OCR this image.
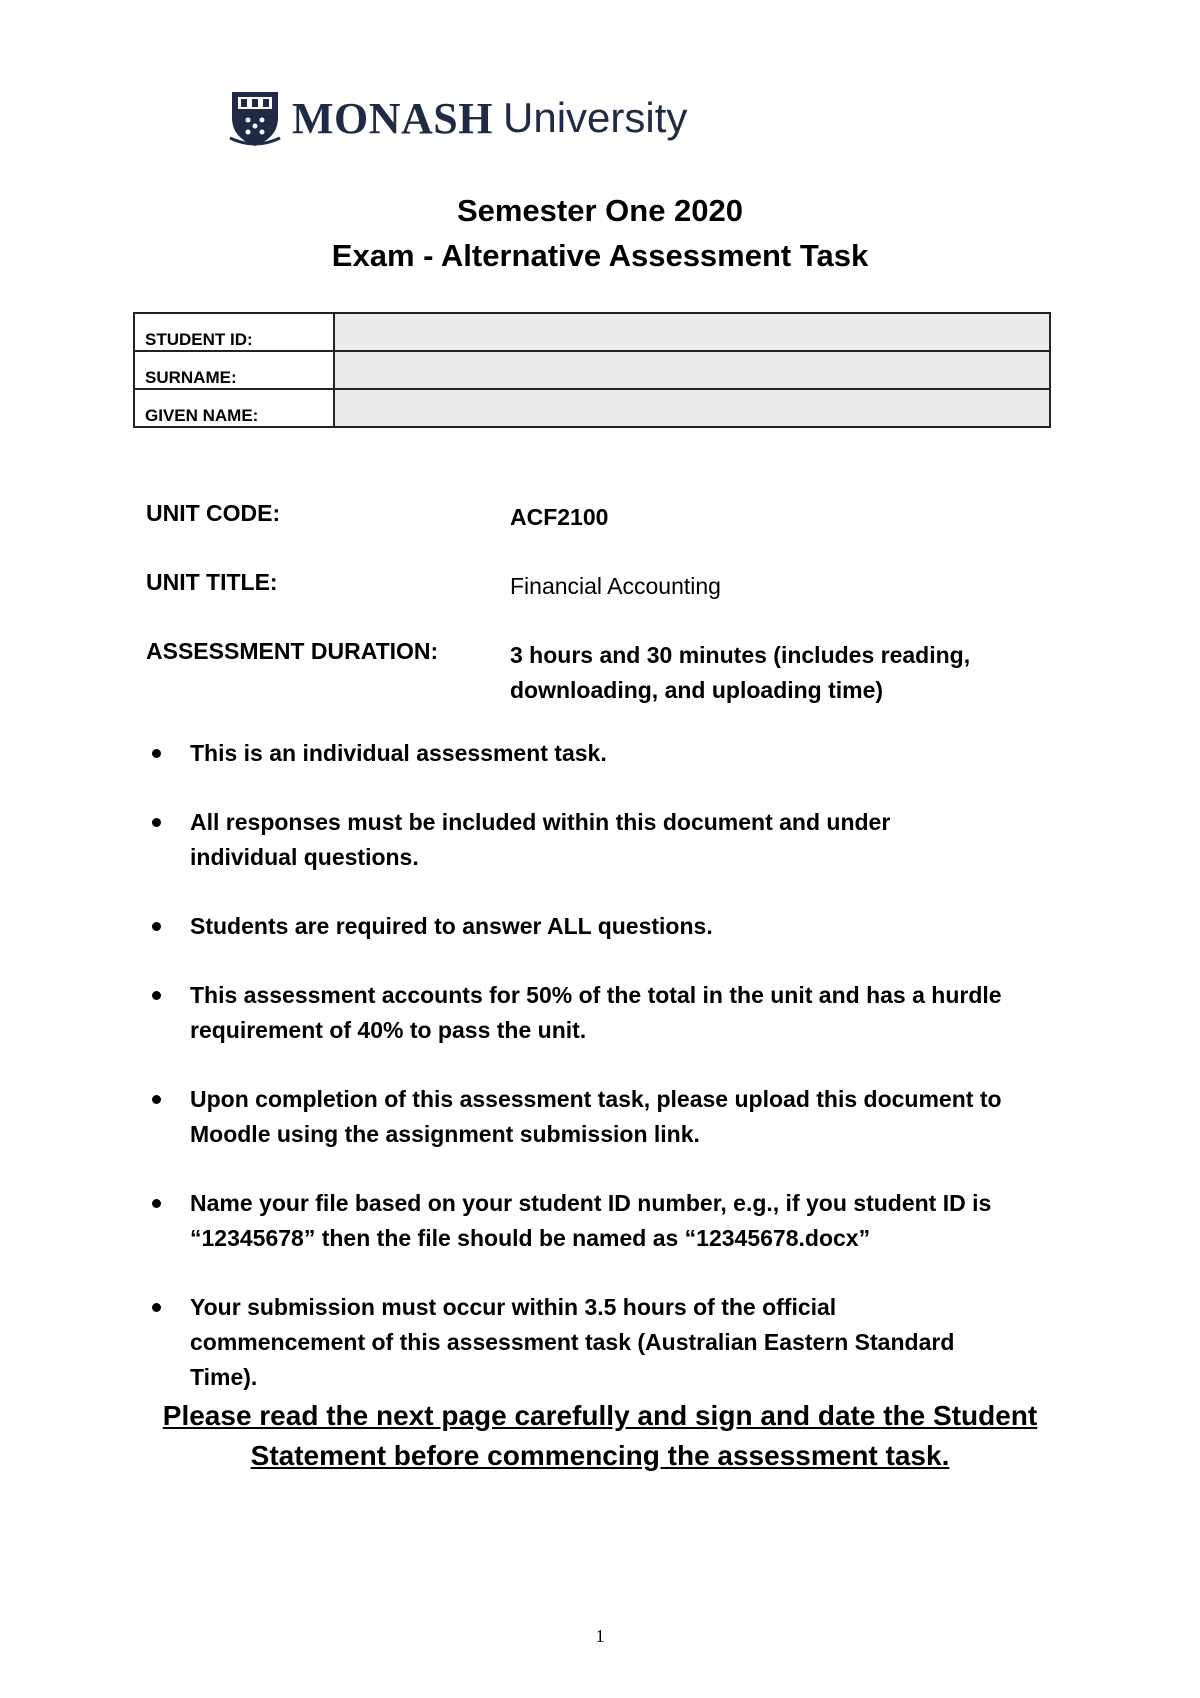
MONASH University
Semester One 2020
Exam - Alternative Assessment Task
STUDENT ID:	
SURNAME:	
GIVEN NAME:	
UNIT CODE:	ACF2100
UNIT TITLE:	Financial Accounting
ASSESSMENT DURATION:	3 hours and 30 minutes (includes reading,
downloading, and uploading time)
This is an individual assessment task.
All responses must be included within this document and under
individual questions.
Students are required to answer ALL questions.
This assessment accounts for 50% of the total in the unit and has a hurdle
requirement of 40% to pass the unit.
Upon completion of this assessment task, please upload this document to
Moodle using the assignment submission link.
Name your file based on your student ID number, e.g., if you student ID is
“12345678” then the file should be named as “12345678.docx”
Your submission must occur within 3.5 hours of the official
commencement of this assessment task (Australian Eastern Standard
Time).
Please read the next page carefully and sign and date the Student
Statement before commencing the assessment task.
1
